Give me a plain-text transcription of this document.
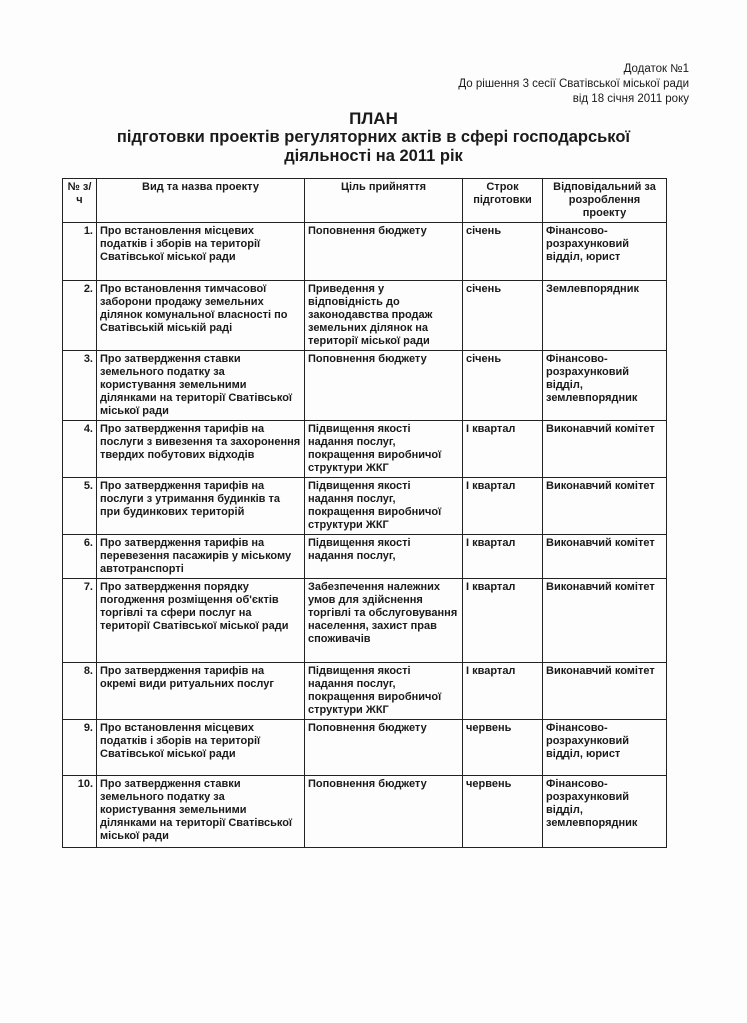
Додаток №1
До рішення 3 сесії Сватівської міської ради
від 18 січня 2011 року
ПЛАН
підготовки проектів регуляторних актів в сфері господарської
діяльності на 2011 рік
№ з/ч	Вид та назва проекту	Ціль прийняття	Строк підготовки	Відповідальний за розроблення проекту
1.	Про встановлення місцевих податків і зборів на території Сватівської міської ради	Поповнення бюджету	січень	Фінансово-розрахунковий відділ, юрист
2.	Про встановлення тимчасової заборони продажу земельних ділянок комунальної власності по Сватівській міській раді	Приведення у відповідність до законодавства продаж земельних ділянок на території міської ради	січень	Землевпорядник
3.	Про затвердження ставки земельного податку за користування земельними ділянками на території Сватівської міської ради	Поповнення бюджету	січень	Фінансово-розрахунковий відділ, землевпорядник
4.	Про затвердження тарифів на послуги з вивезення та захоронення твердих побутових відходів	Підвищення якості надання послуг, покращення виробничої структури ЖКГ	І квартал	Виконавчий комітет
5.	Про затвердження тарифів на послуги з утримання будинків та при будинкових територій	Підвищення якості надання послуг, покращення виробничої структури ЖКГ	І квартал	Виконавчий комітет
6.	Про затвердження тарифів на перевезення пасажирів у міському автотранспорті	Підвищення якості надання послуг,	І квартал	Виконавчий комітет
7.	Про затвердження порядку погодження розміщення об'єктів торгівлі та сфери послуг на території Сватівської міської ради	Забезпечення належних умов для здійснення торгівлі та обслуговування населення, захист прав споживачів	І квартал	Виконавчий комітет
8.	Про затвердження тарифів на окремі види ритуальних послуг	Підвищення якості надання послуг, покращення виробничої структури ЖКГ	І квартал	Виконавчий комітет
9.	Про встановлення місцевих податків і зборів на території Сватівської міської ради	Поповнення бюджету	червень	Фінансово-розрахунковий відділ, юрист
10.	Про затвердження ставки земельного податку за користування земельними ділянками на території Сватівської міської ради	Поповнення бюджету	червень	Фінансово-розрахунковий відділ, землевпорядник
